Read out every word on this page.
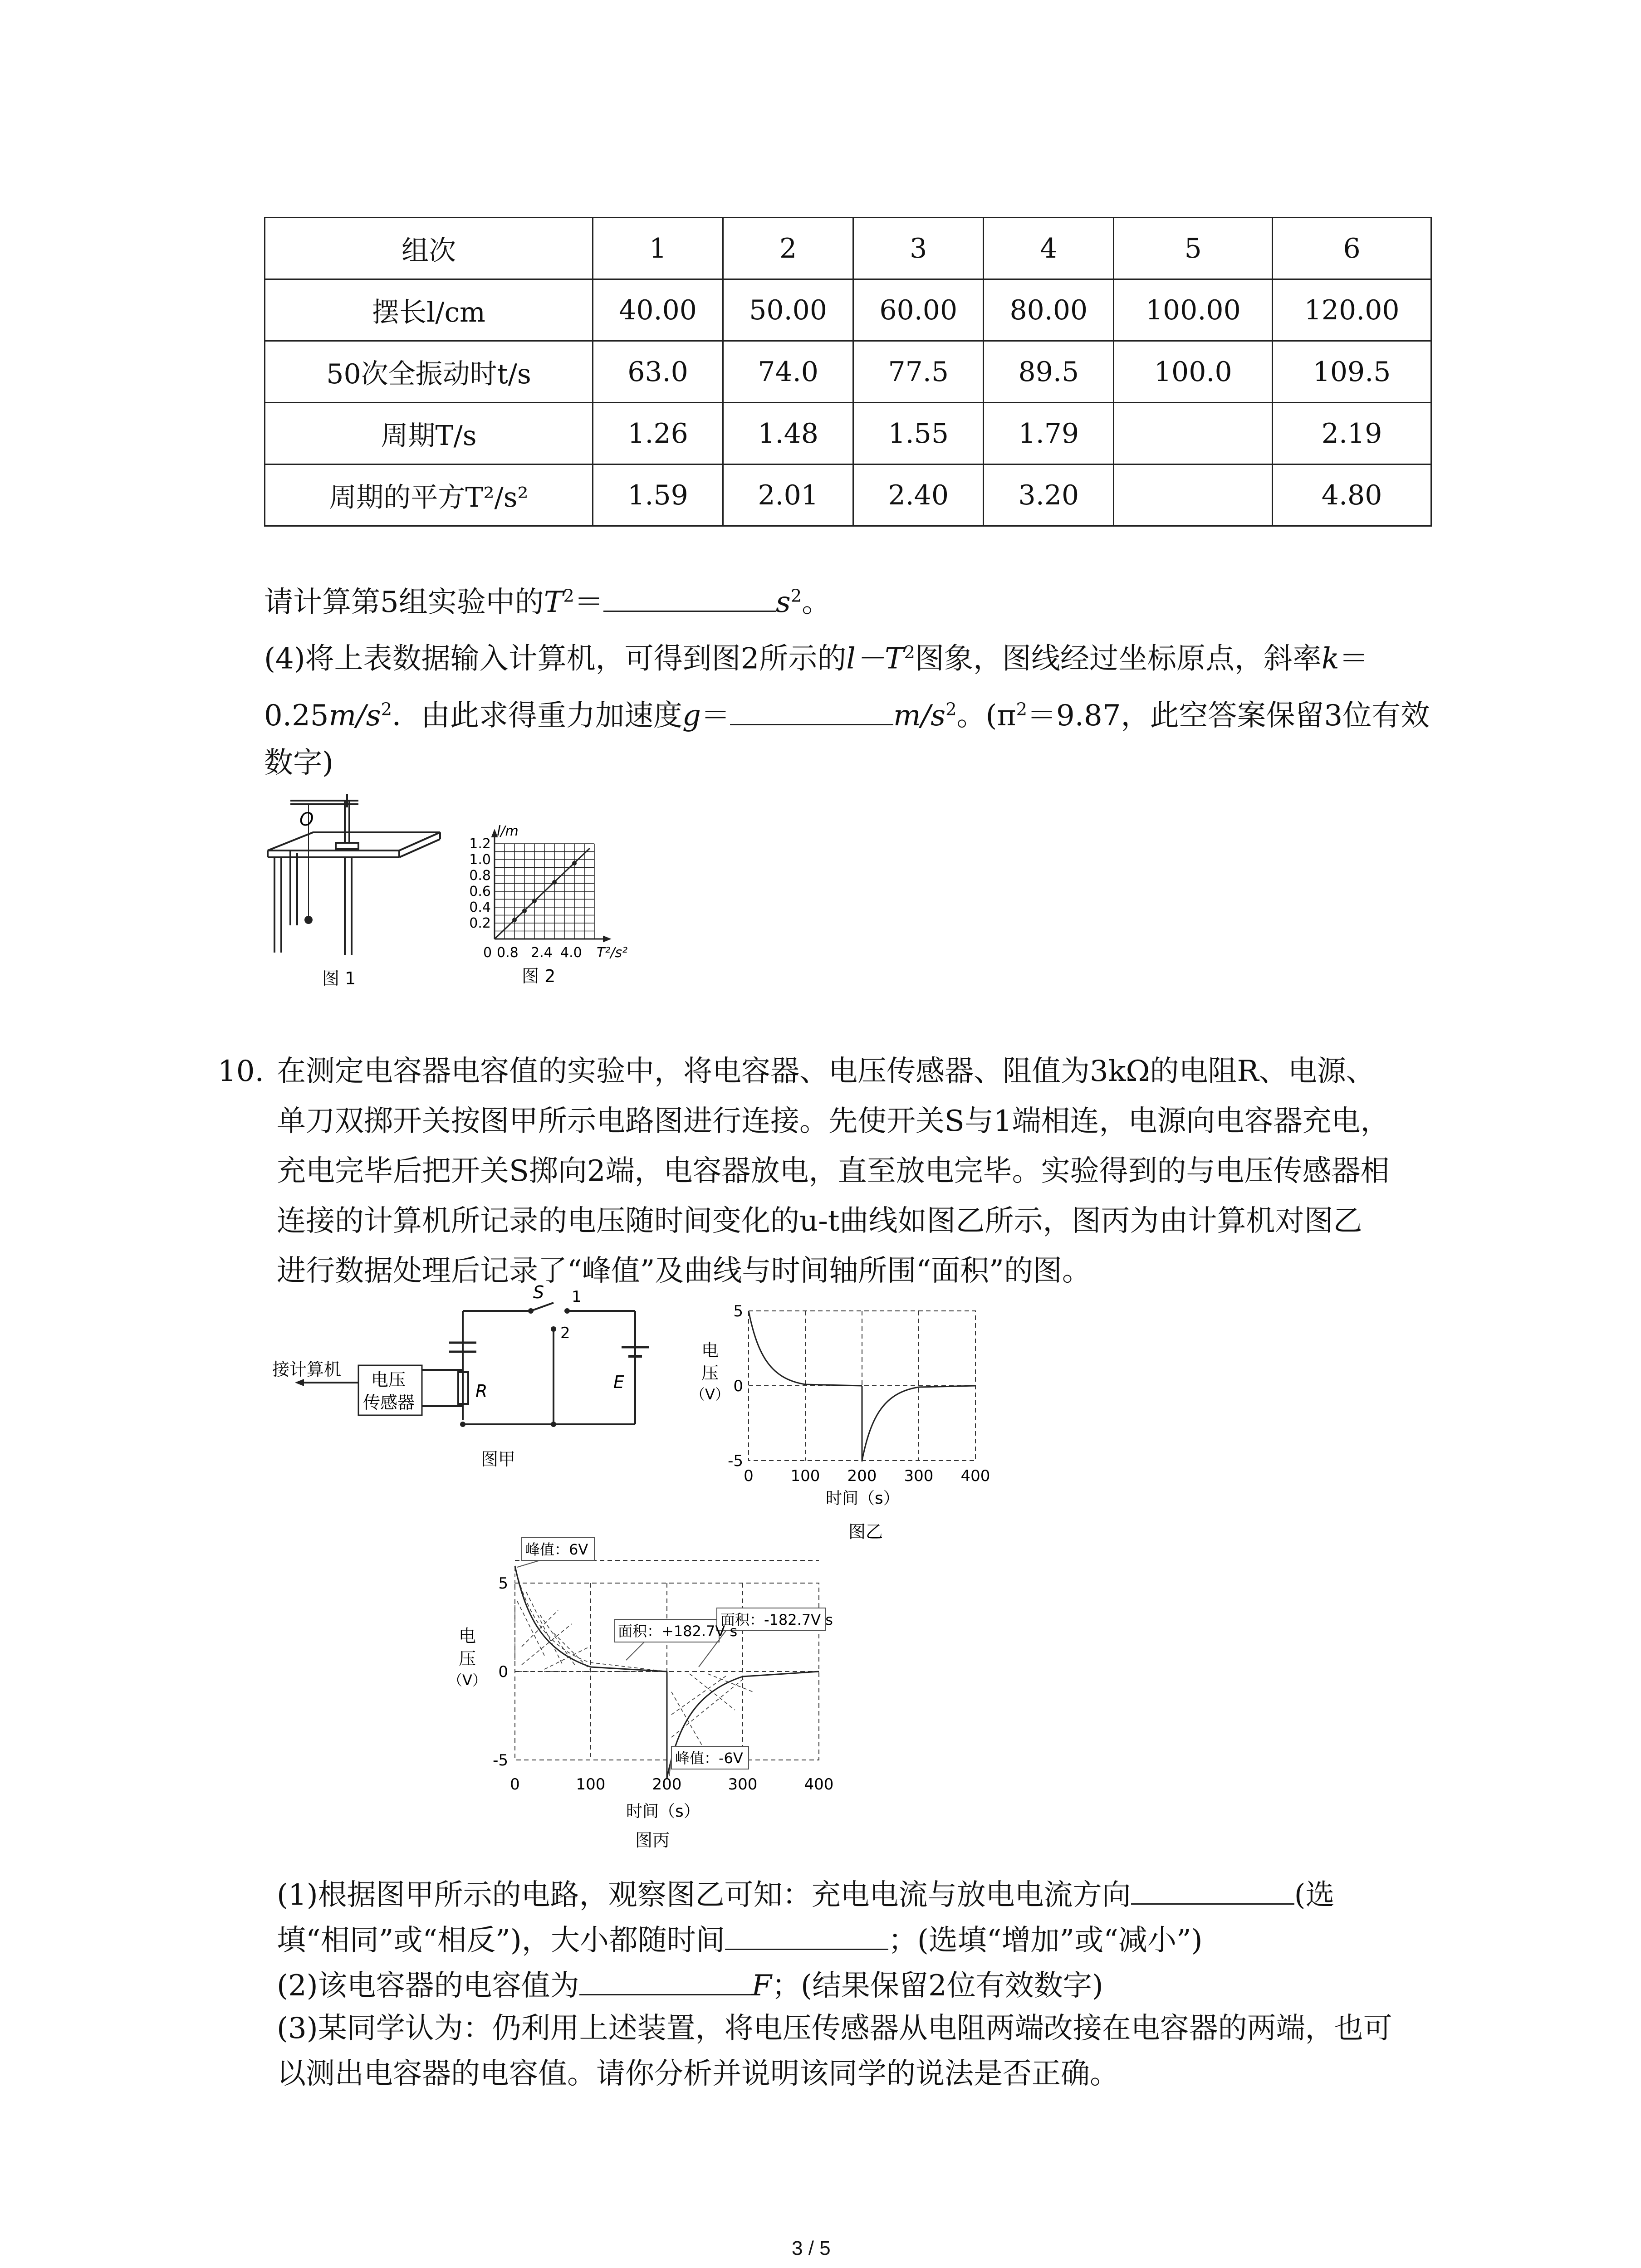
组次	1	2	3	4	5	6
摆长l/cm	40.00	50.00	60.00	80.00	100.00	120.00
50次全振动时t/s	63.0	74.0	77.5	89.5	100.0	109.5
周期T/s	1.26	1.48	1.55	1.79		2.19
周期的平方T²/s²	1.59	2.01	2.40	3.20		4.80
请计算第5组实验中的$T^2=$	$s^2$。
(4)将上表数据输入计算机，可得到图2所示的$l-T^2$图象，图线经过坐标原点，斜率k＝
$0.25m/s^2$．由此求得重力加速度g＝	$m/s^2$。($\pi^2=9.87$，此空答案保留3位有效
数字)
O
图 1
1.2
1.0
0.8
0.6
0.4
0.2
l/m
0 0.8 2.4 4.0 T²/s²
图 2
10. 在测定电容器电容值的实验中，将电容器、电压传感器、阻值为3kΩ的电阻R、电源、
单刀双掷开关按图甲所示电路图进行连接。先使开关S与1端相连，电源向电容器充电，
充电完毕后把开关S掷向2端，电容器放电，直至放电完毕。实验得到的与电压传感器相
连接的计算机所记录的电压随时间变化的u-t曲线如图乙所示，图丙为由计算机对图乙
进行数据处理后记录了“峰值”及曲线与时间轴所围“面积”的图。
接计算机
电压
传感器
R	E
S 1
2
图甲
5
0
-5
0 100 200 300 400
电
压
（V）
时间（s）
图乙
峰值：6V
面积：+182.7V s
面积：-182.7V s
峰值：-6V
5
0
-5
0	100	200	300	400
电
压
（V）
时间（s）
图丙
(1)根据图甲所示的电路，观察图乙可知：充电电流与放电电流方向	(选
填“相同”或“相反”)，大小都随时间	；(选填“增加”或“减小”)
(2)该电容器的电容值为	F；(结果保留2位有效数字)
(3)某同学认为：仍利用上述装置，将电压传感器从电阻两端改接在电容器的两端，也可
以测出电容器的电容值。请你分析并说明该同学的说法是否正确。
3 / 5
